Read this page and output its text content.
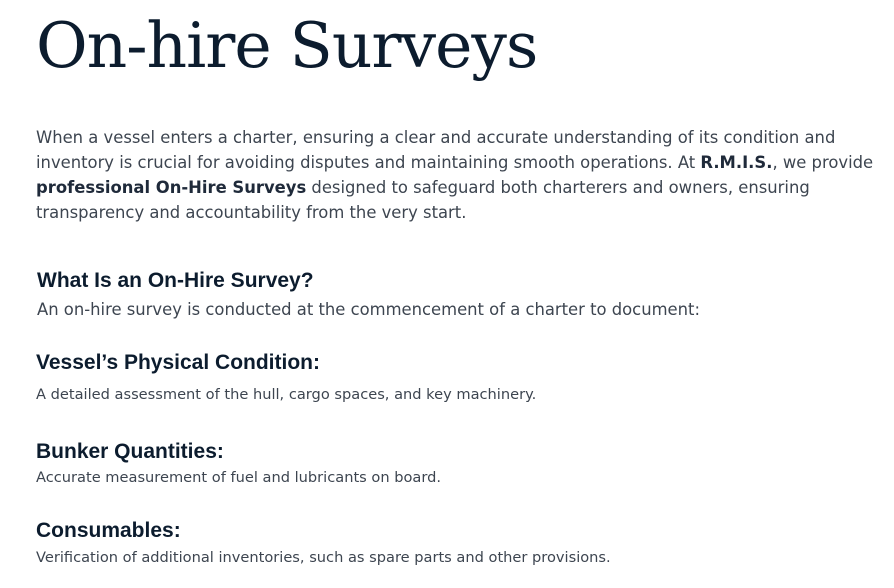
On-hire Surveys

When a vessel enters a charter, ensuring a clear and accurate understanding of its condition and inventory is crucial for avoiding disputes and maintaining smooth operations. At R.M.I.S., we provide professional On-Hire Surveys designed to safeguard both charterers and owners, ensuring transparency and accountability from the very start.

What Is an On-Hire Survey?

An on-hire survey is conducted at the commencement of a charter to document:

Vessel’s Physical Condition:

A detailed assessment of the hull, cargo spaces, and key machinery.

Bunker Quantities:

Accurate measurement of fuel and lubricants on board.

Consumables:

Verification of additional inventories, such as spare parts and other provisions.
